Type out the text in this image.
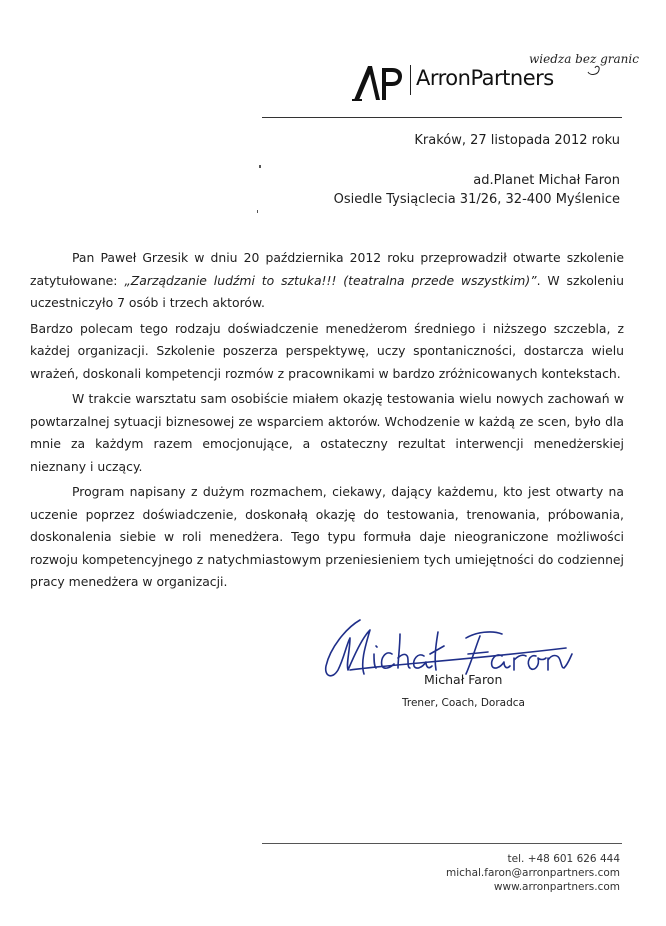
ArronPartners
wiedza bez granic
Kraków, 27 listopada 2012 roku
ad.Planet Michał Faron
Osiedle Tysiąclecia 31/26, 32-400 Myślenice

Pan Paweł Grzesik w dniu 20 października 2012 roku przeprowadził otwarte szkolenie zatytułowane: „Zarządzanie ludźmi to sztuka!!! (teatralna przede wszystkim)”. W szkoleniu uczestniczyło 7 osób i trzech aktorów.

Bardzo polecam tego rodzaju doświadczenie menedżerom średniego i niższego szczebla, z każdej organizacji. Szkolenie poszerza perspektywę, uczy spontaniczności, dostarcza wielu wrażeń, doskonali kompetencji rozmów z pracownikami w bardzo zróżnicowanych kontekstach.

W trakcie warsztatu sam osobiście miałem okazję testowania wielu nowych zachowań w powtarzalnej sytuacji biznesowej ze wsparciem aktorów. Wchodzenie w każdą ze scen, było dla mnie za każdym razem emocjonujące, a ostateczny rezultat interwencji menedżerskiej nieznany i uczący.

Program napisany z dużym rozmachem, ciekawy, dający każdemu, kto jest otwarty na uczenie poprzez doświadczenie, doskonałą okazję do testowania, trenowania, próbowania, doskonalenia siebie w roli menedżera. Tego typu formuła daje nieograniczone możliwości rozwoju kompetencyjnego z natychmiastowym przeniesieniem tych umiejętności do codziennej pracy menedżera w organizacji.

Michał Faron
Trener, Coach, Doradca
tel. +48 601 626 444
michal.faron@arronpartners.com
www.arronpartners.com
